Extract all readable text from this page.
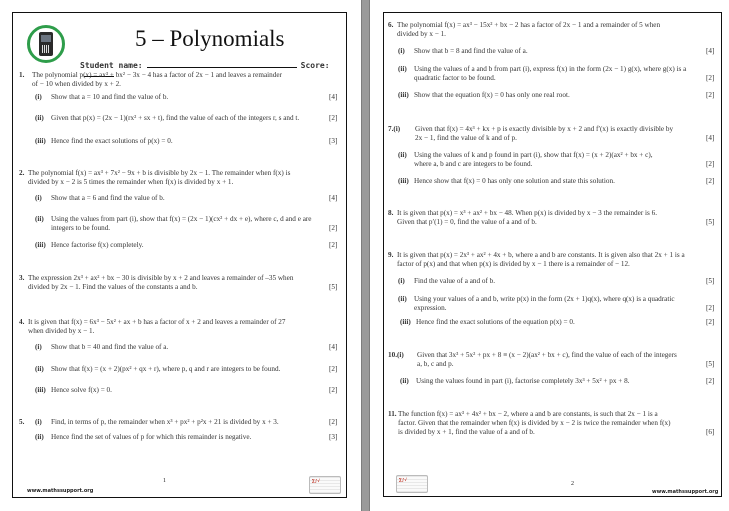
5 – Polynomials
Student name:	Score:
1. The polynomial p(x) = ax³ + bx² − 3x − 4 has a factor of 2x − 1 and leaves a remainder
of − 10 when divided by x + 2.
(i) Show that a = 10 and find the value of b.	[4]
(ii) Given that p(x) = (2x − 1)(rx² + sx + t), find the value of each of the integers r, s and t.	[2]
(iii) Hence find the exact solutions of p(x) = 0.	[3]
2. The polynomial f(x) = ax³ + 7x² − 9x + b is divisible by 2x − 1. The remainder when f(x) is
divided by x − 2 is 5 times the remainder when f(x) is divided by x + 1.
(i) Show that a = 6 and find the value of b.	[4]
(ii) Using the values from part (i), show that f(x) = (2x − 1)(cx² + dx + e), where c, d and e are
integers to be found.	[2]
(iii) Hence factorise f(x) completely.	[2]
3. The expression 2x³ + ax² + bx − 30 is divisible by x + 2 and leaves a remainder of –35 when
divided by 2x − 1. Find the values of the constants a and b.	[5]
4. It is given that f(x) = 6x³ − 5x² + ax + b has a factor of x + 2 and leaves a remainder of 27
when divided by x − 1.
(i) Show that b = 40 and find the value of a.	[4]
(ii) Show that f(x) = (x + 2)(px² + qx + r), where p, q and r are integers to be found.	[2]
(iii) Hence solve f(x) = 0.	[2]
5. (i) Find, in terms of p, the remainder when x³ + px² + p²x + 21 is divided by x + 3.	[2]
(ii) Hence find the set of values of p for which this remainder is negative.	[3]
1
www.mathssupport.org
∑∫√
6. The polynomial f(x) = ax³ − 15x² + bx − 2 has a factor of 2x − 1 and a remainder of 5 when
divided by x − 1.
(i) Show that b = 8 and find the value of a.	[4]
(ii) Using the values of a and b from part (i), express f(x) in the form (2x − 1) g(x), where g(x) is a
quadratic factor to be found.	[2]
(iii) Show that the equation f(x) = 0 has only one real root.	[2]
7.(i) Given that f(x) = 4x³ + kx + p is exactly divisible by x + 2 and f′(x) is exactly divisible by
2x − 1, find the value of k and of p.	[4]
(ii) Using the values of k and p found in part (i), show that f(x) = (x + 2)(ax² + bx + c),
where a, b and c are integers to be found.	[2]
(iii) Hence show that f(x) = 0 has only one solution and state this solution.	[2]
8. It is given that p(x) = x³ + ax² + bx − 48. When p(x) is divided by x − 3 the remainder is 6.
Given that p′(1) = 0, find the value of a and of b.	[5]
9. It is given that p(x) = 2x³ + ax² + 4x + b, where a and b are constants. It is given also that 2x + 1 is a
factor of p(x) and that when p(x) is divided by x − 1 there is a remainder of − 12.
(i) Find the value of a and of b.	[5]
(ii) Using your values of a and b, write p(x) in the form (2x + 1)q(x), where q(x) is a quadratic
expression.	[2]
(iii) Hence find the exact solutions of the equation p(x) = 0.	[2]
10.(i) Given that 3x³ + 5x² + px + 8 ≡ (x − 2)(ax² + bx + c), find the value of each of the integers
a, b, c and p.	[5]
(ii) Using the values found in part (i), factorise completely 3x³ + 5x² + px + 8.	[2]
11. The function f(x) = ax³ + 4x² + bx − 2, where a and b are constants, is such that 2x − 1 is a
factor. Given that the remainder when f(x) is divided by x − 2 is twice the remainder when f(x)
is divided by x + 1, find the value of a and of b.	[6]
∑∫√
2
www.mathssupport.org
